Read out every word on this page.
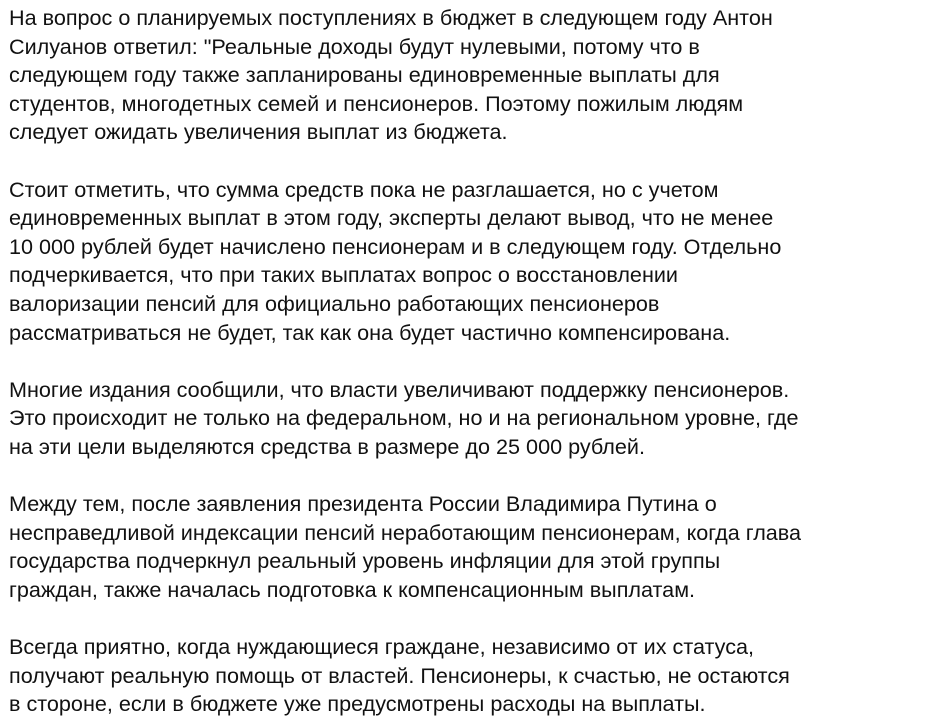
На вопрос о планируемых поступлениях в бюджет в следующем году Антон
Силуанов ответил: "Реальные доходы будут нулевыми, потому что в
следующем году также запланированы единовременные выплаты для
студентов, многодетных семей и пенсионеров. Поэтому пожилым людям
следует ожидать увеличения выплат из бюджета.

Стоит отметить, что сумма средств пока не разглашается, но с учетом
единовременных выплат в этом году, эксперты делают вывод, что не менее
10 000 рублей будет начислено пенсионерам и в следующем году. Отдельно
подчеркивается, что при таких выплатах вопрос о восстановлении
валоризации пенсий для официально работающих пенсионеров
рассматриваться не будет, так как она будет частично компенсирована.

Многие издания сообщили, что власти увеличивают поддержку пенсионеров.
Это происходит не только на федеральном, но и на региональном уровне, где
на эти цели выделяются средства в размере до 25 000 рублей.

Между тем, после заявления президента России Владимира Путина о
несправедливой индексации пенсий неработающим пенсионерам, когда глава
государства подчеркнул реальный уровень инфляции для этой группы
граждан, также началась подготовка к компенсационным выплатам.

Всегда приятно, когда нуждающиеся граждане, независимо от их статуса,
получают реальную помощь от властей. Пенсионеры, к счастью, не остаются
в стороне, если в бюджете уже предусмотрены расходы на выплаты.
